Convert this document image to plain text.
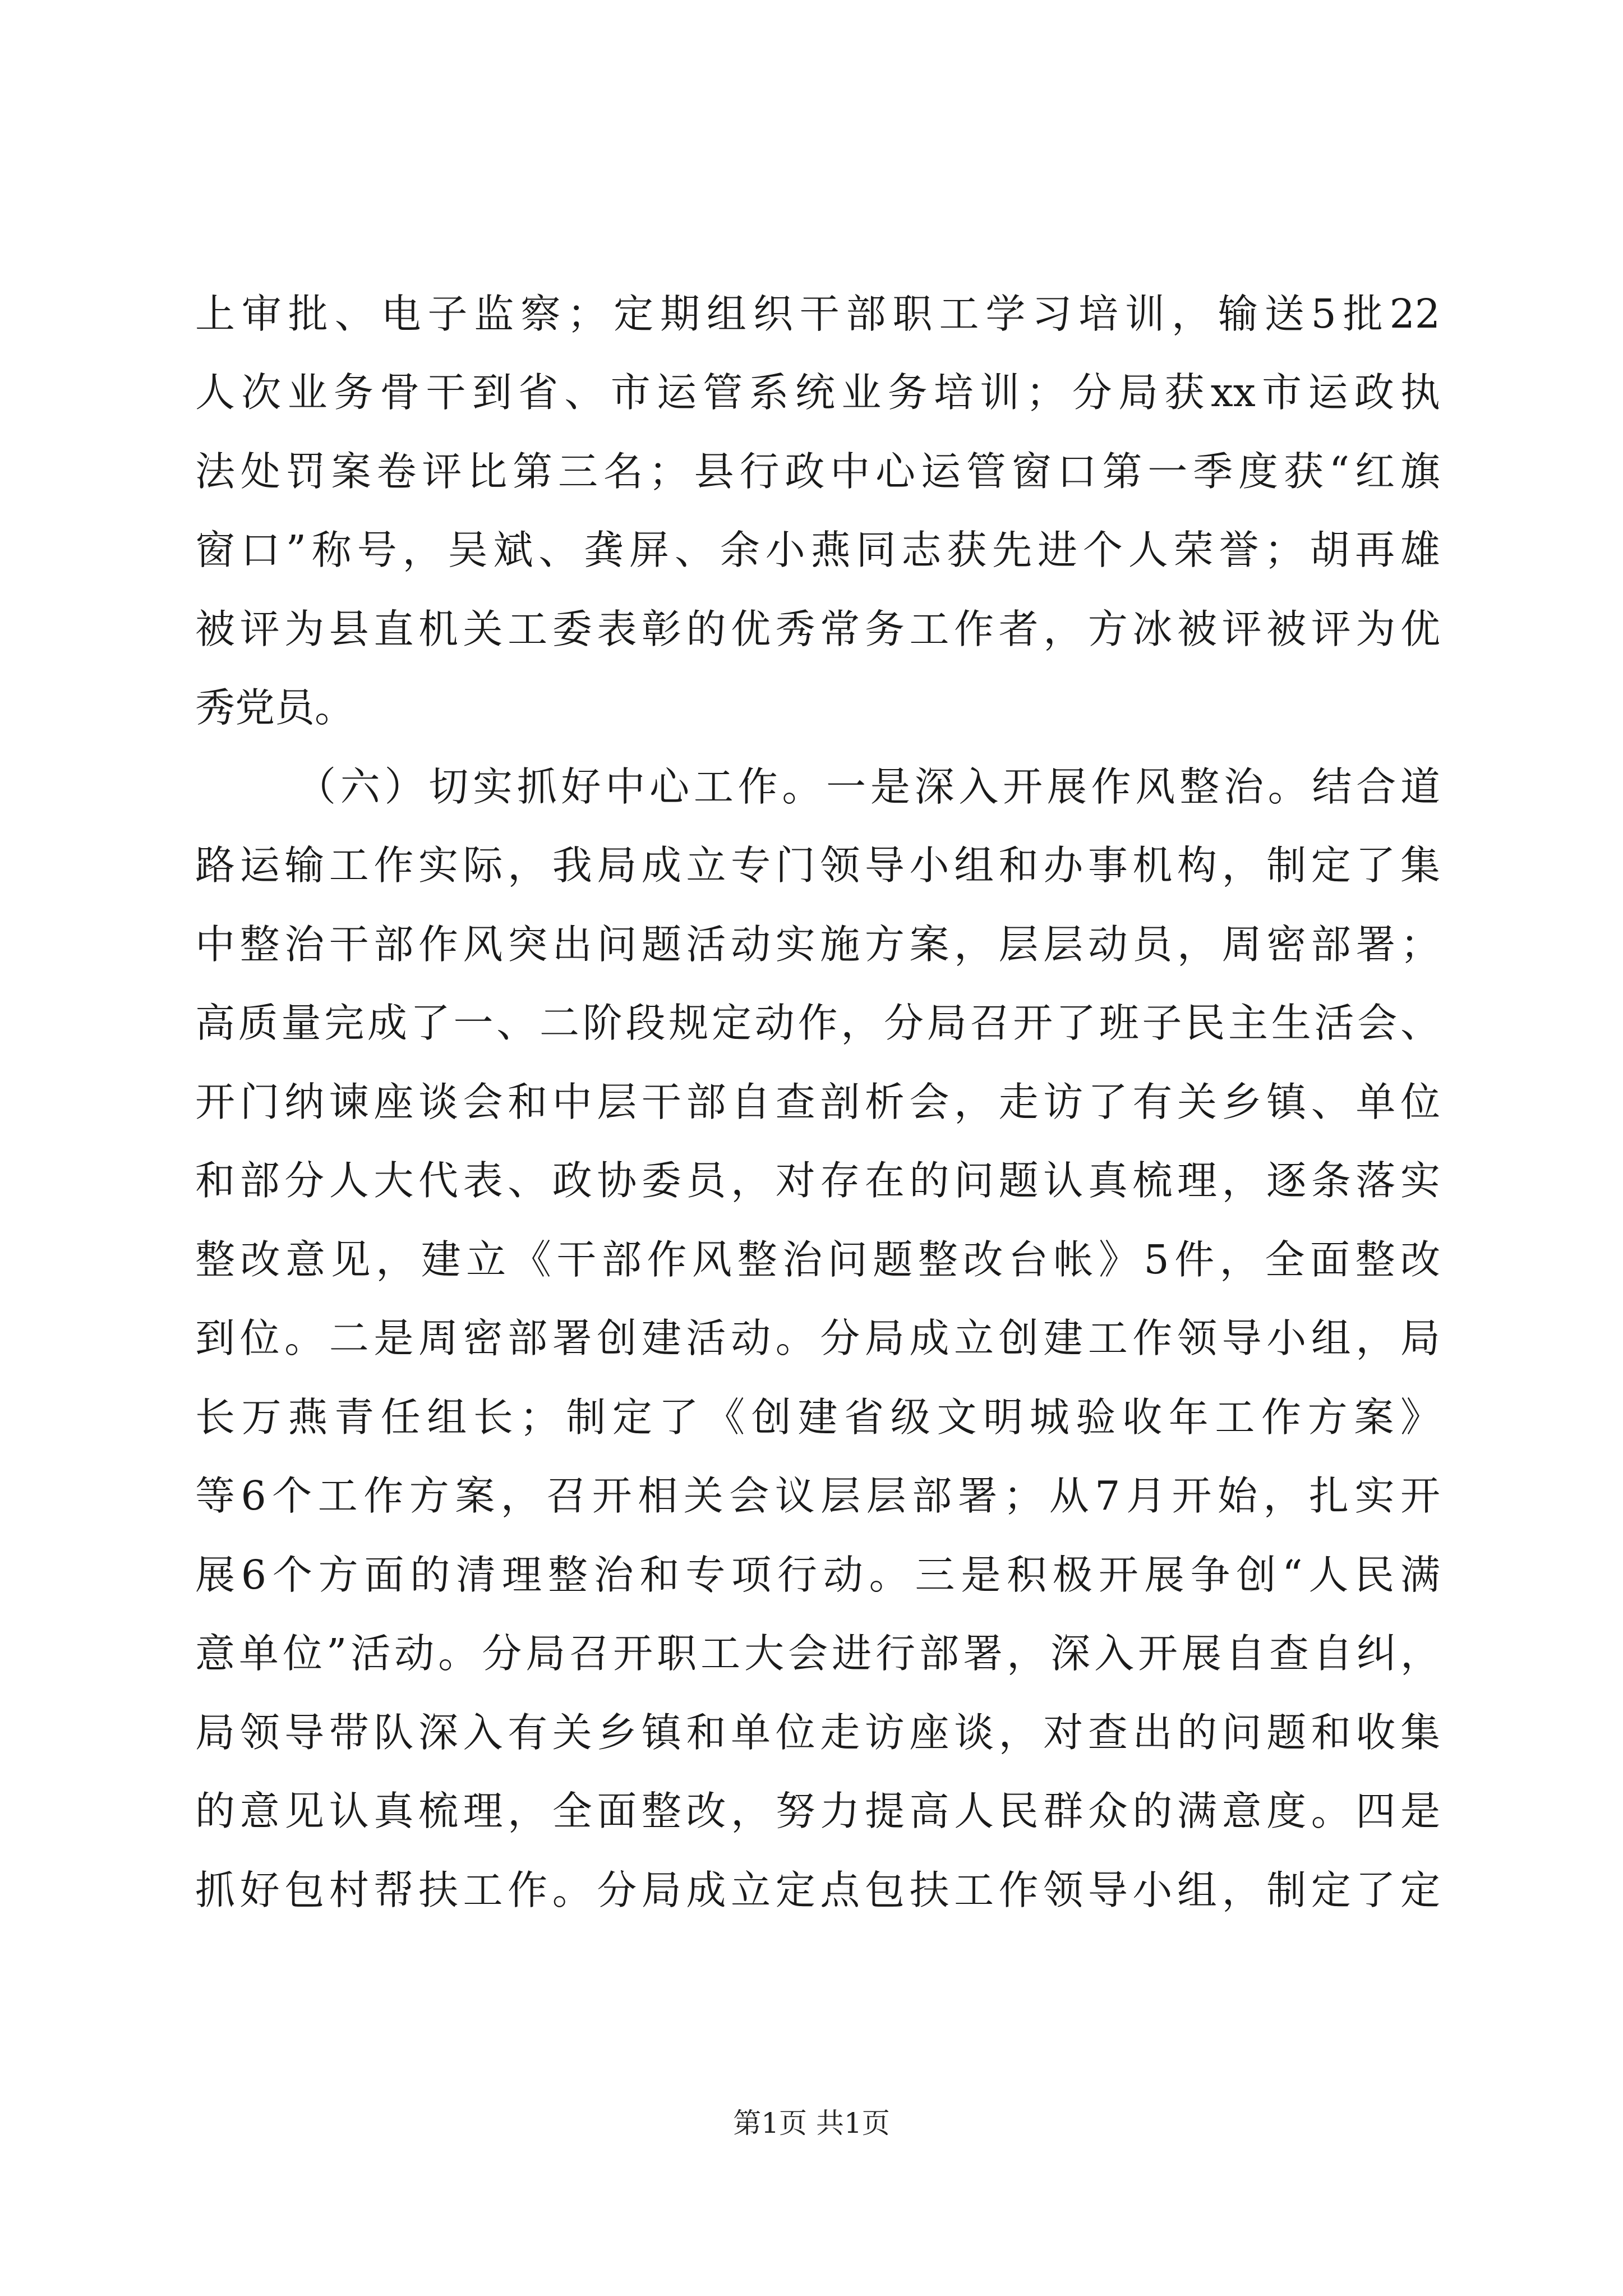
上审批、电子监察；定期组织干部职工学习培训，输送5批22
人次业务骨干到省、市运管系统业务培训；分局获xx市运政执
法处罚案卷评比第三名；县行政中心运管窗口第一季度获“红旗
窗口”称号，吴斌、龚屏、余小燕同志获先进个人荣誉；胡再雄
被评为县直机关工委表彰的优秀常务工作者，方冰被评被评为优
秀党员。
（六）切实抓好中心工作。一是深入开展作风整治。结合道
路运输工作实际，我局成立专门领导小组和办事机构，制定了集
中整治干部作风突出问题活动实施方案，层层动员，周密部署；
高质量完成了一、二阶段规定动作，分局召开了班子民主生活会、
开门纳谏座谈会和中层干部自查剖析会，走访了有关乡镇、单位
和部分人大代表、政协委员，对存在的问题认真梳理，逐条落实
整改意见，建立《干部作风整治问题整改台帐》5件，全面整改
到位。二是周密部署创建活动。分局成立创建工作领导小组，局
长万燕青任组长；制定了《创建省级文明城验收年工作方案》
等6个工作方案，召开相关会议层层部署；从7月开始，扎实开
展6个方面的清理整治和专项行动。三是积极开展争创“人民满
意单位”活动。分局召开职工大会进行部署，深入开展自查自纠，
局领导带队深入有关乡镇和单位走访座谈，对查出的问题和收集
的意见认真梳理，全面整改，努力提高人民群众的满意度。四是
抓好包村帮扶工作。分局成立定点包扶工作领导小组，制定了定
第1页 共1页
